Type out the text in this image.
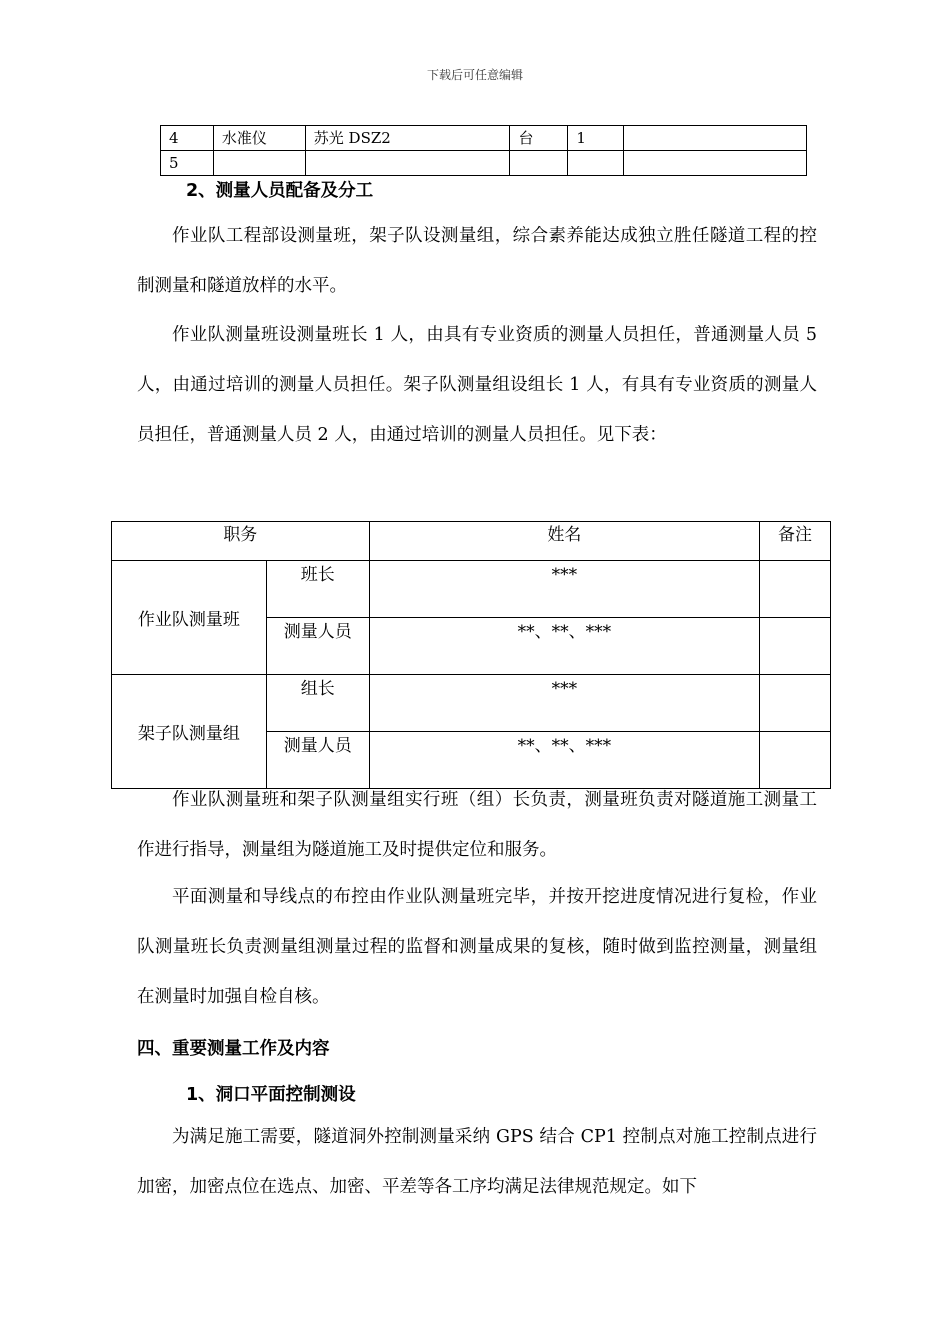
下载后可任意编辑
4	水准仪	苏光 DSZ2	台	1	
5					
2、测量人员配备及分工
作业队工程部设测量班，架子队设测量组，综合素养能达成独立胜任隧道工程的控制测量和隧道放样的水平。
作业队测量班设测量班长 1 人，由具有专业资质的测量人员担任，普通测量人员 5 人，由通过培训的测量人员担任。架子队测量组设组长 1 人，有具有专业资质的测量人员担任，普通测量人员 2 人，由通过培训的测量人员担任。见下表：
职务		姓名	备注
作业队测量班	班长	***	
	测量人员	**、**、***	
架子队测量组	组长	***	
	测量人员	**、**、***	
作业队测量班和架子队测量组实行班（组）长负责，测量班负责对隧道施工测量工作进行指导，测量组为隧道施工及时提供定位和服务。
平面测量和导线点的布控由作业队测量班完毕，并按开挖进度情况进行复检，作业队测量班长负责测量组测量过程的监督和测量成果的复核，随时做到监控测量，测量组在测量时加强自检自核。
四、重要测量工作及内容
1、洞口平面控制测设
为满足施工需要，隧道洞外控制测量采纳 GPS 结合 CP1 控制点对施工控制点进行加密，加密点位在选点、加密、平差等各工序均满足法律规范规定。如下
